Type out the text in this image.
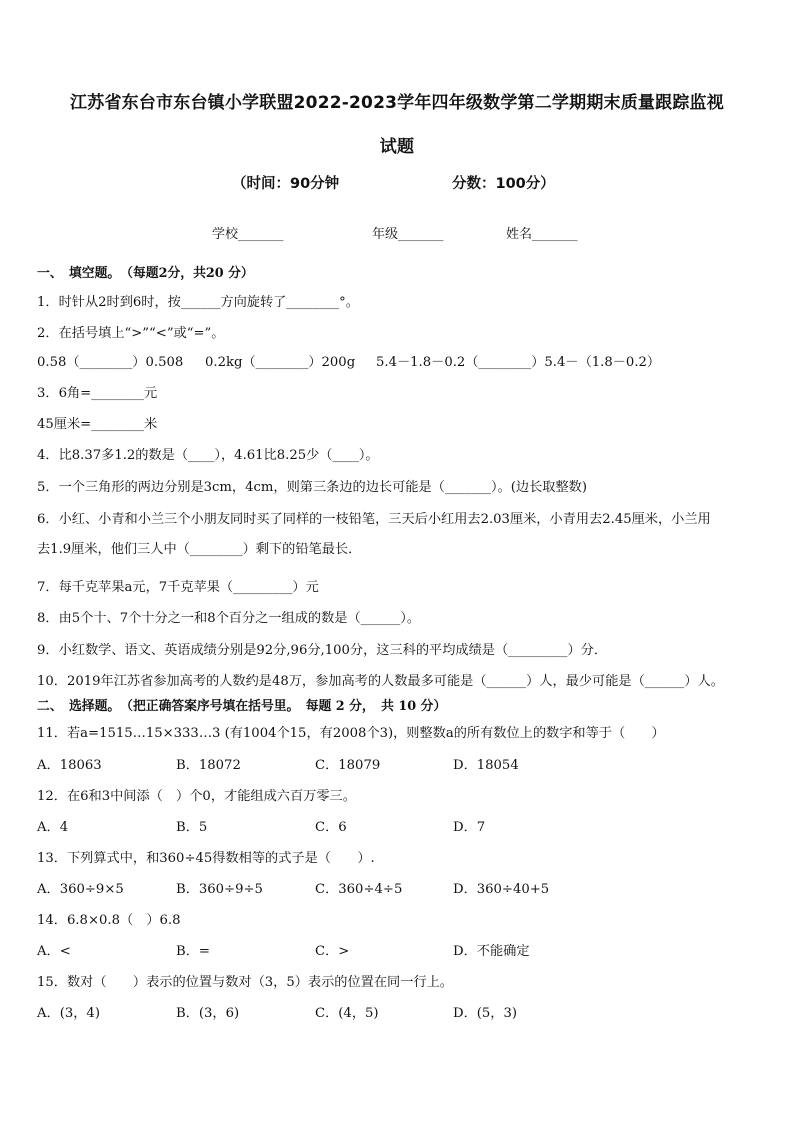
江苏省东台市东台镇小学联盟2022-2023学年四年级数学第二学期期末质量跟踪监视
试题
（时间：90分钟	分数：100分）
学校_______	年级_______	姓名_______
一、　填空题。　（每题2分，共20 分）
1．时针从2时到6时，按______方向旋转了________°。
2．在括号填上“>”“<”或“=”。
0.58（________）0.508 0.2kg（________）200g 5.4－1.8－0.2（________）5.4－（1.8－0.2）
3．6角=________元
45厘米=________米
4．比8.37多1.2的数是（____），4.61比8.25少（____）。
5．一个三角形的两边分别是3cm，4cm，则第三条边的边长可能是（_______）。(边长取整数)
6．小红、小青和小兰三个小朋友同时买了同样的一枝铅笔，三天后小红用去2.03厘米，小青用去2.45厘米，小兰用
去1.9厘米，他们三人中（________）剩下的铅笔最长．
7．每千克苹果a元，7千克苹果（_________）元
8．由5个十、7个十分之一和8个百分之一组成的数是（______）。
9．小红数学、语文、英语成绩分别是92分,96分,100分，这三科的平均成绩是（_________）分．
10．2019年江苏省参加高考的人数约是48万，参加高考的人数最多可能是（______）人，最少可能是（______）人。
二、　选择题。　（把正确答案序号填在括号里。　每题 2 分，　共 10 分）
11．若a=1515…15×333…3 (有1004个15，有2008个3)，则整数a的所有数位上的数字和等于（　　）
A．18063	B．18072	C．18079	D．18054
12．在6和3中间添（　）个0，才能组成六百万零三。
A．4	B．5	C．6	D．7
13．下列算式中，和360÷45得数相等的式子是（　　）.
A．360÷9×5	B．360÷9÷5	C．360÷4÷5	D．360÷40+5
14．6.8×0.8（　）6.8
A．<	B．=	C．>	D．不能确定
15．数对（　　）表示的位置与数对（3，5）表示的位置在同一行上。
A．(3，4)	B．(3，6)	C．(4，5)	D．(5，3)
